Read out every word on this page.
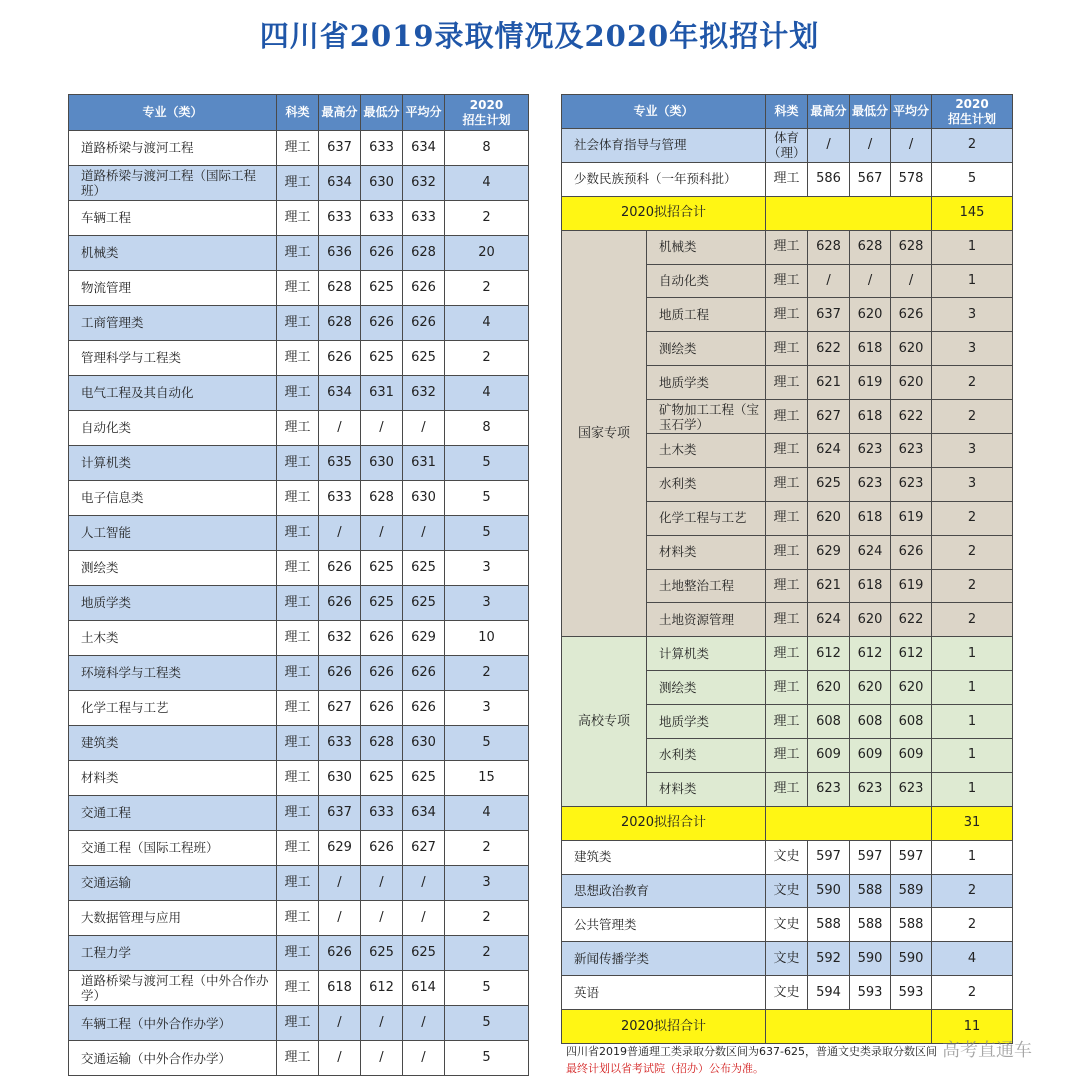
四川省2019录取情况及2020年拟招计划
专业（类）	科类	最高分	最低分	平均分	2020
招生计划
道路桥梁与渡河工程	理工	637	633	634	8
道路桥梁与渡河工程（国际工程班）	理工	634	630	632	4
车辆工程	理工	633	633	633	2
机械类	理工	636	626	628	20
物流管理	理工	628	625	626	2
工商管理类	理工	628	626	626	4
管理科学与工程类	理工	626	625	625	2
电气工程及其自动化	理工	634	631	632	4
自动化类	理工	/	/	/	8
计算机类	理工	635	630	631	5
电子信息类	理工	633	628	630	5
人工智能	理工	/	/	/	5
测绘类	理工	626	625	625	3
地质学类	理工	626	625	625	3
土木类	理工	632	626	629	10
环境科学与工程类	理工	626	626	626	2
化学工程与工艺	理工	627	626	626	3
建筑类	理工	633	628	630	5
材料类	理工	630	625	625	15
交通工程	理工	637	633	634	4
交通工程（国际工程班）	理工	629	626	627	2
交通运输	理工	/	/	/	3
大数据管理与应用	理工	/	/	/	2
工程力学	理工	626	625	625	2
道路桥梁与渡河工程（中外合作办学）	理工	618	612	614	5
车辆工程（中外合作办学）	理工	/	/	/	5
交通运输（中外合作办学）	理工	/	/	/	5
专业（类）		科类	最高分	最低分	平均分	2020
招生计划
社会体育指导与管理		体育（理）	/	/	/	2
少数民族预科（一年预科批）		理工	586	567	578	5
2020拟招合计						145
国家专项	机械类	理工	628	628	628	1
	自动化类	理工	/	/	/	1
	地质工程	理工	637	620	626	3
	测绘类	理工	622	618	620	3
	地质学类	理工	621	619	620	2
	矿物加工工程（宝玉石学）	理工	627	618	622	2
	土木类	理工	624	623	623	3
	水利类	理工	625	623	623	3
	化学工程与工艺	理工	620	618	619	2
	材料类	理工	629	624	626	2
	土地整治工程	理工	621	618	619	2
	土地资源管理	理工	624	620	622	2
高校专项	计算机类	理工	612	612	612	1
	测绘类	理工	620	620	620	1
	地质学类	理工	608	608	608	1
	水利类	理工	609	609	609	1
	材料类	理工	623	623	623	1
2020拟招合计						31
建筑类		文史	597	597	597	1
思想政治教育		文史	590	588	589	2
公共管理类		文史	588	588	588	2
新闻传播学类		文史	592	590	590	4
英语		文史	594	593	593	2
2020拟招合计						11
四川省2019普通理工类录取分数区间为637-625，普通文史类录取分数区间
最终计划以省考试院（招办）公布为准。
高考直通车
